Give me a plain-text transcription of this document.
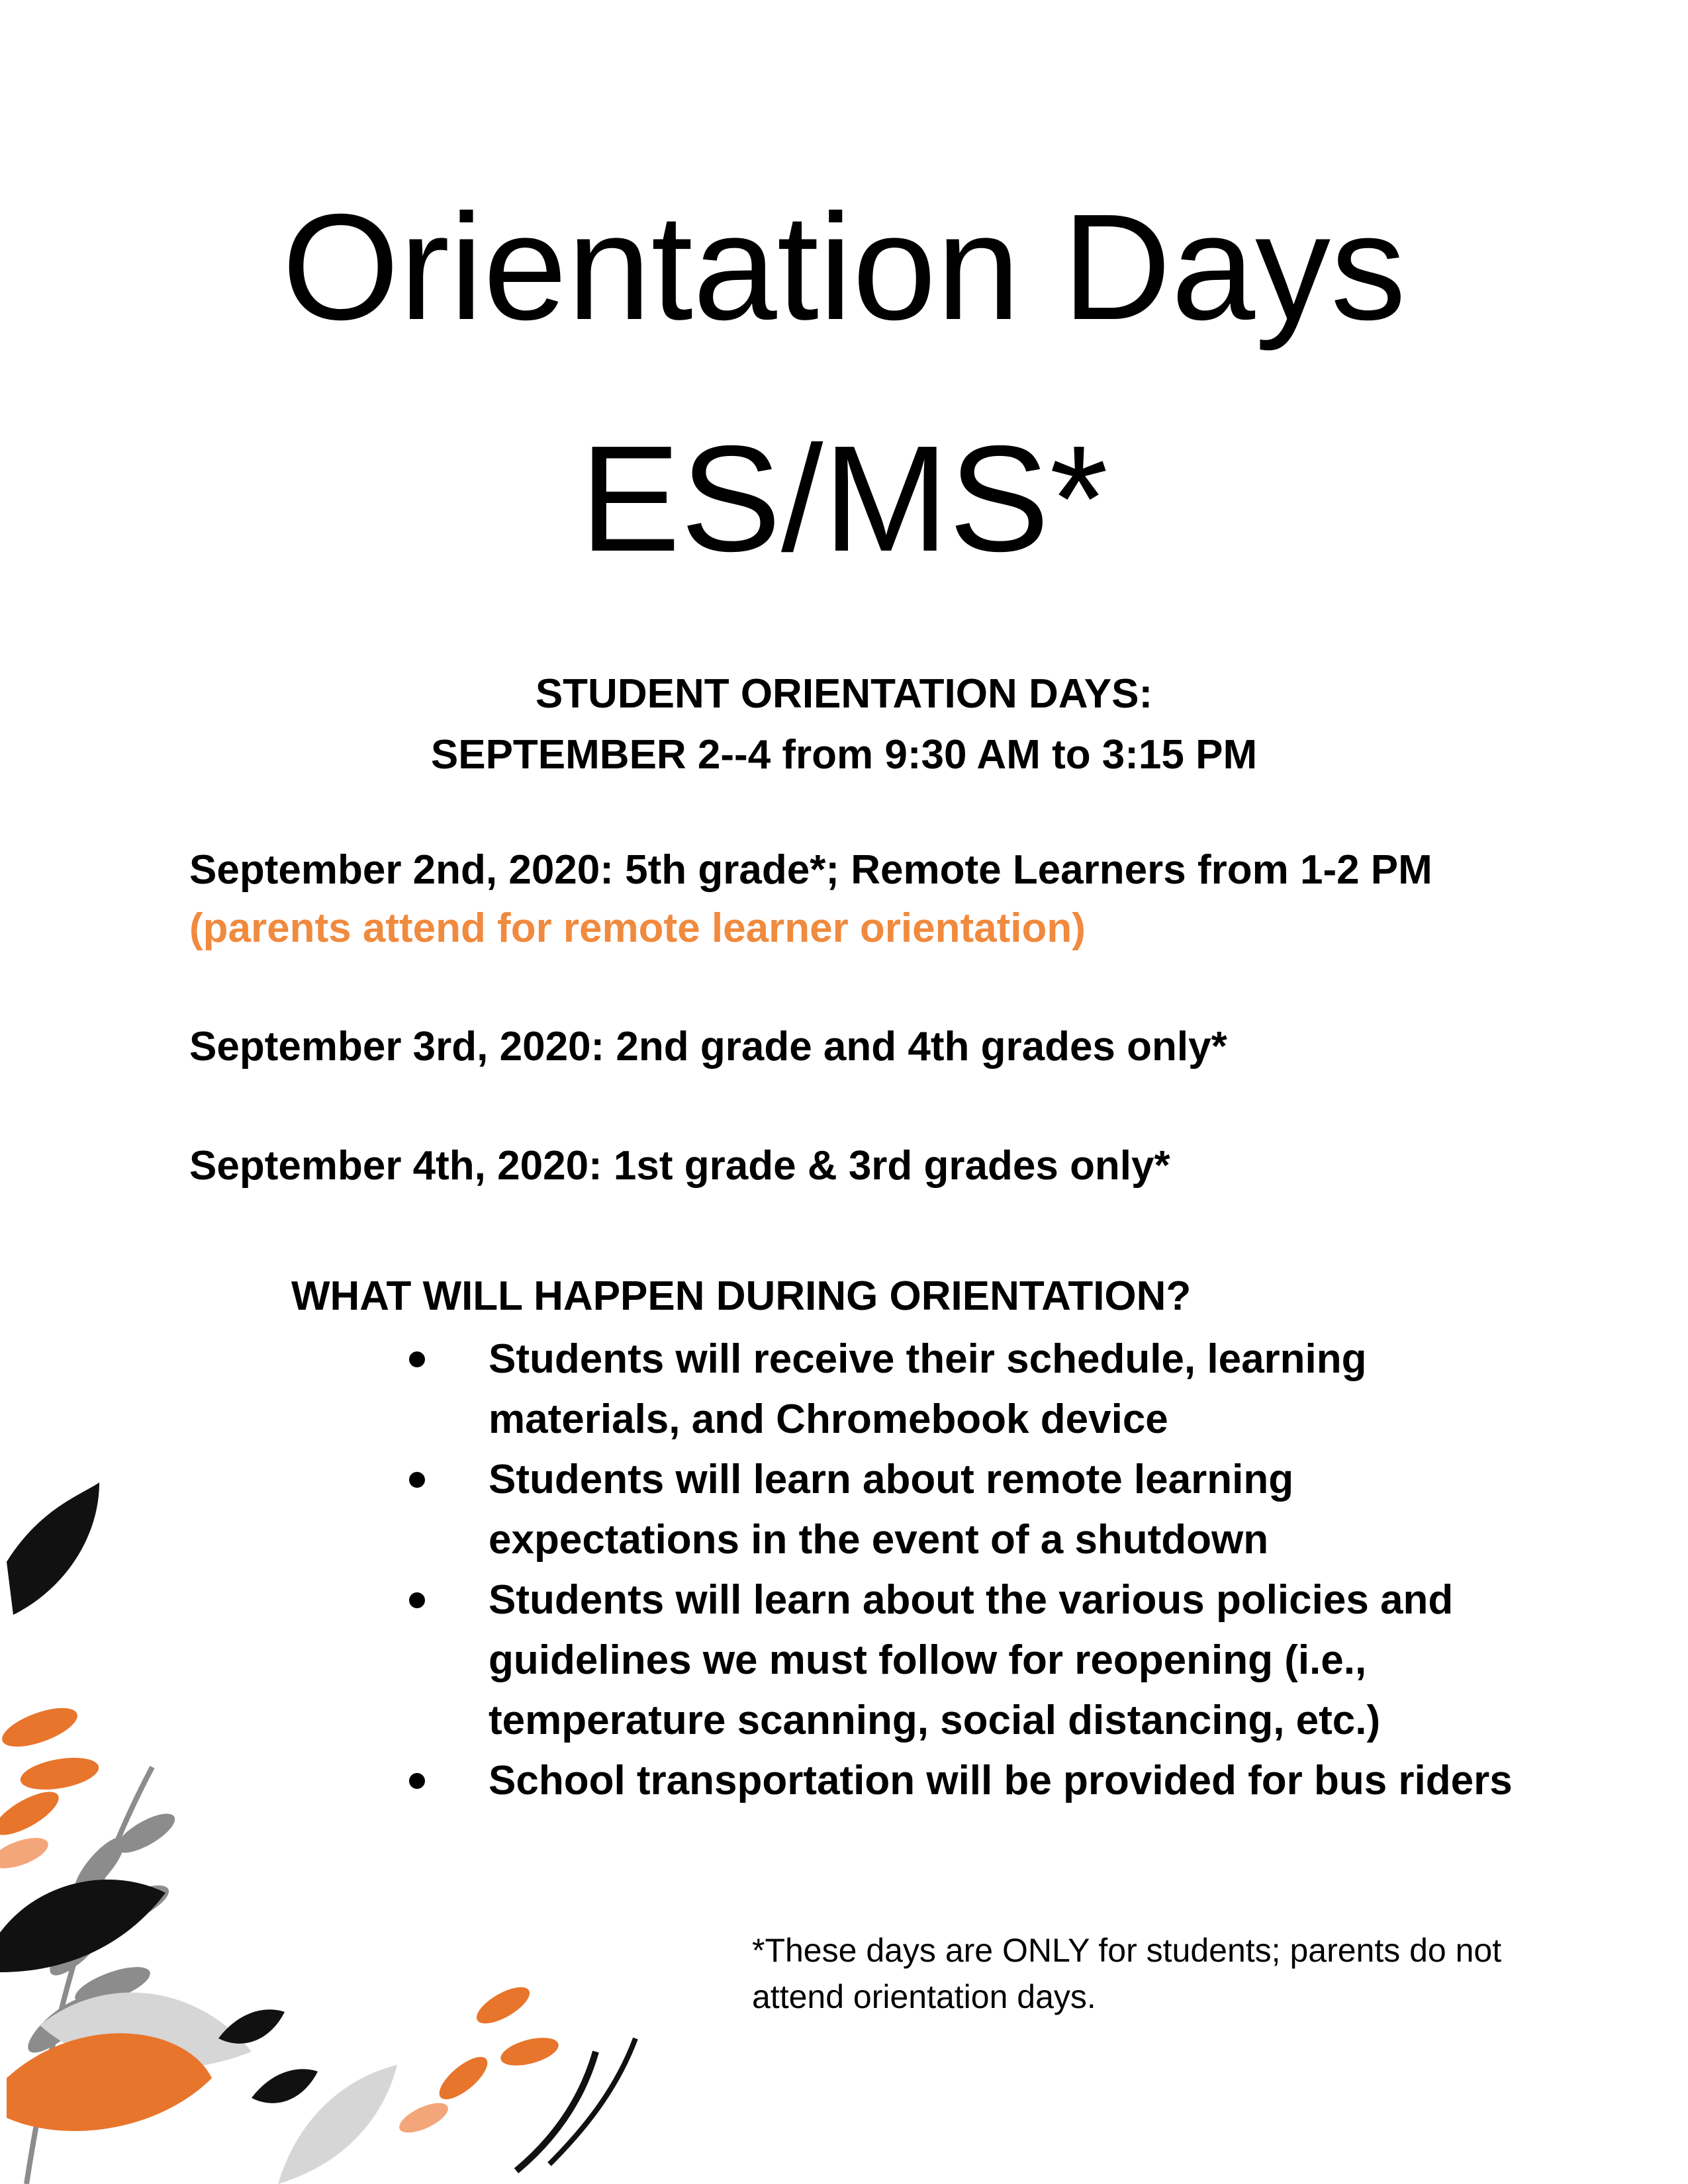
Orientation Days
ES/MS*
STUDENT ORIENTATION DAYS:
SEPTEMBER 2--4 from 9:30 AM to 3:15 PM
September 2nd, 2020: 5th grade*; Remote Learners from 1-2 PM
(parents attend for remote learner orientation)
September 3rd, 2020: 2nd grade and 4th grades only*
September 4th, 2020: 1st grade & 3rd grades only*
WHAT WILL HAPPEN DURING ORIENTATION?
Students will receive their schedule, learning materials, and Chromebook device
Students will learn about remote learning expectations in the event of a shutdown
Students will learn about the various policies and guidelines we must follow for reopening (i.e., temperature scanning, social distancing, etc.)
School transportation will be provided for bus riders
*These days are ONLY for students; parents do not attend orientation days.
